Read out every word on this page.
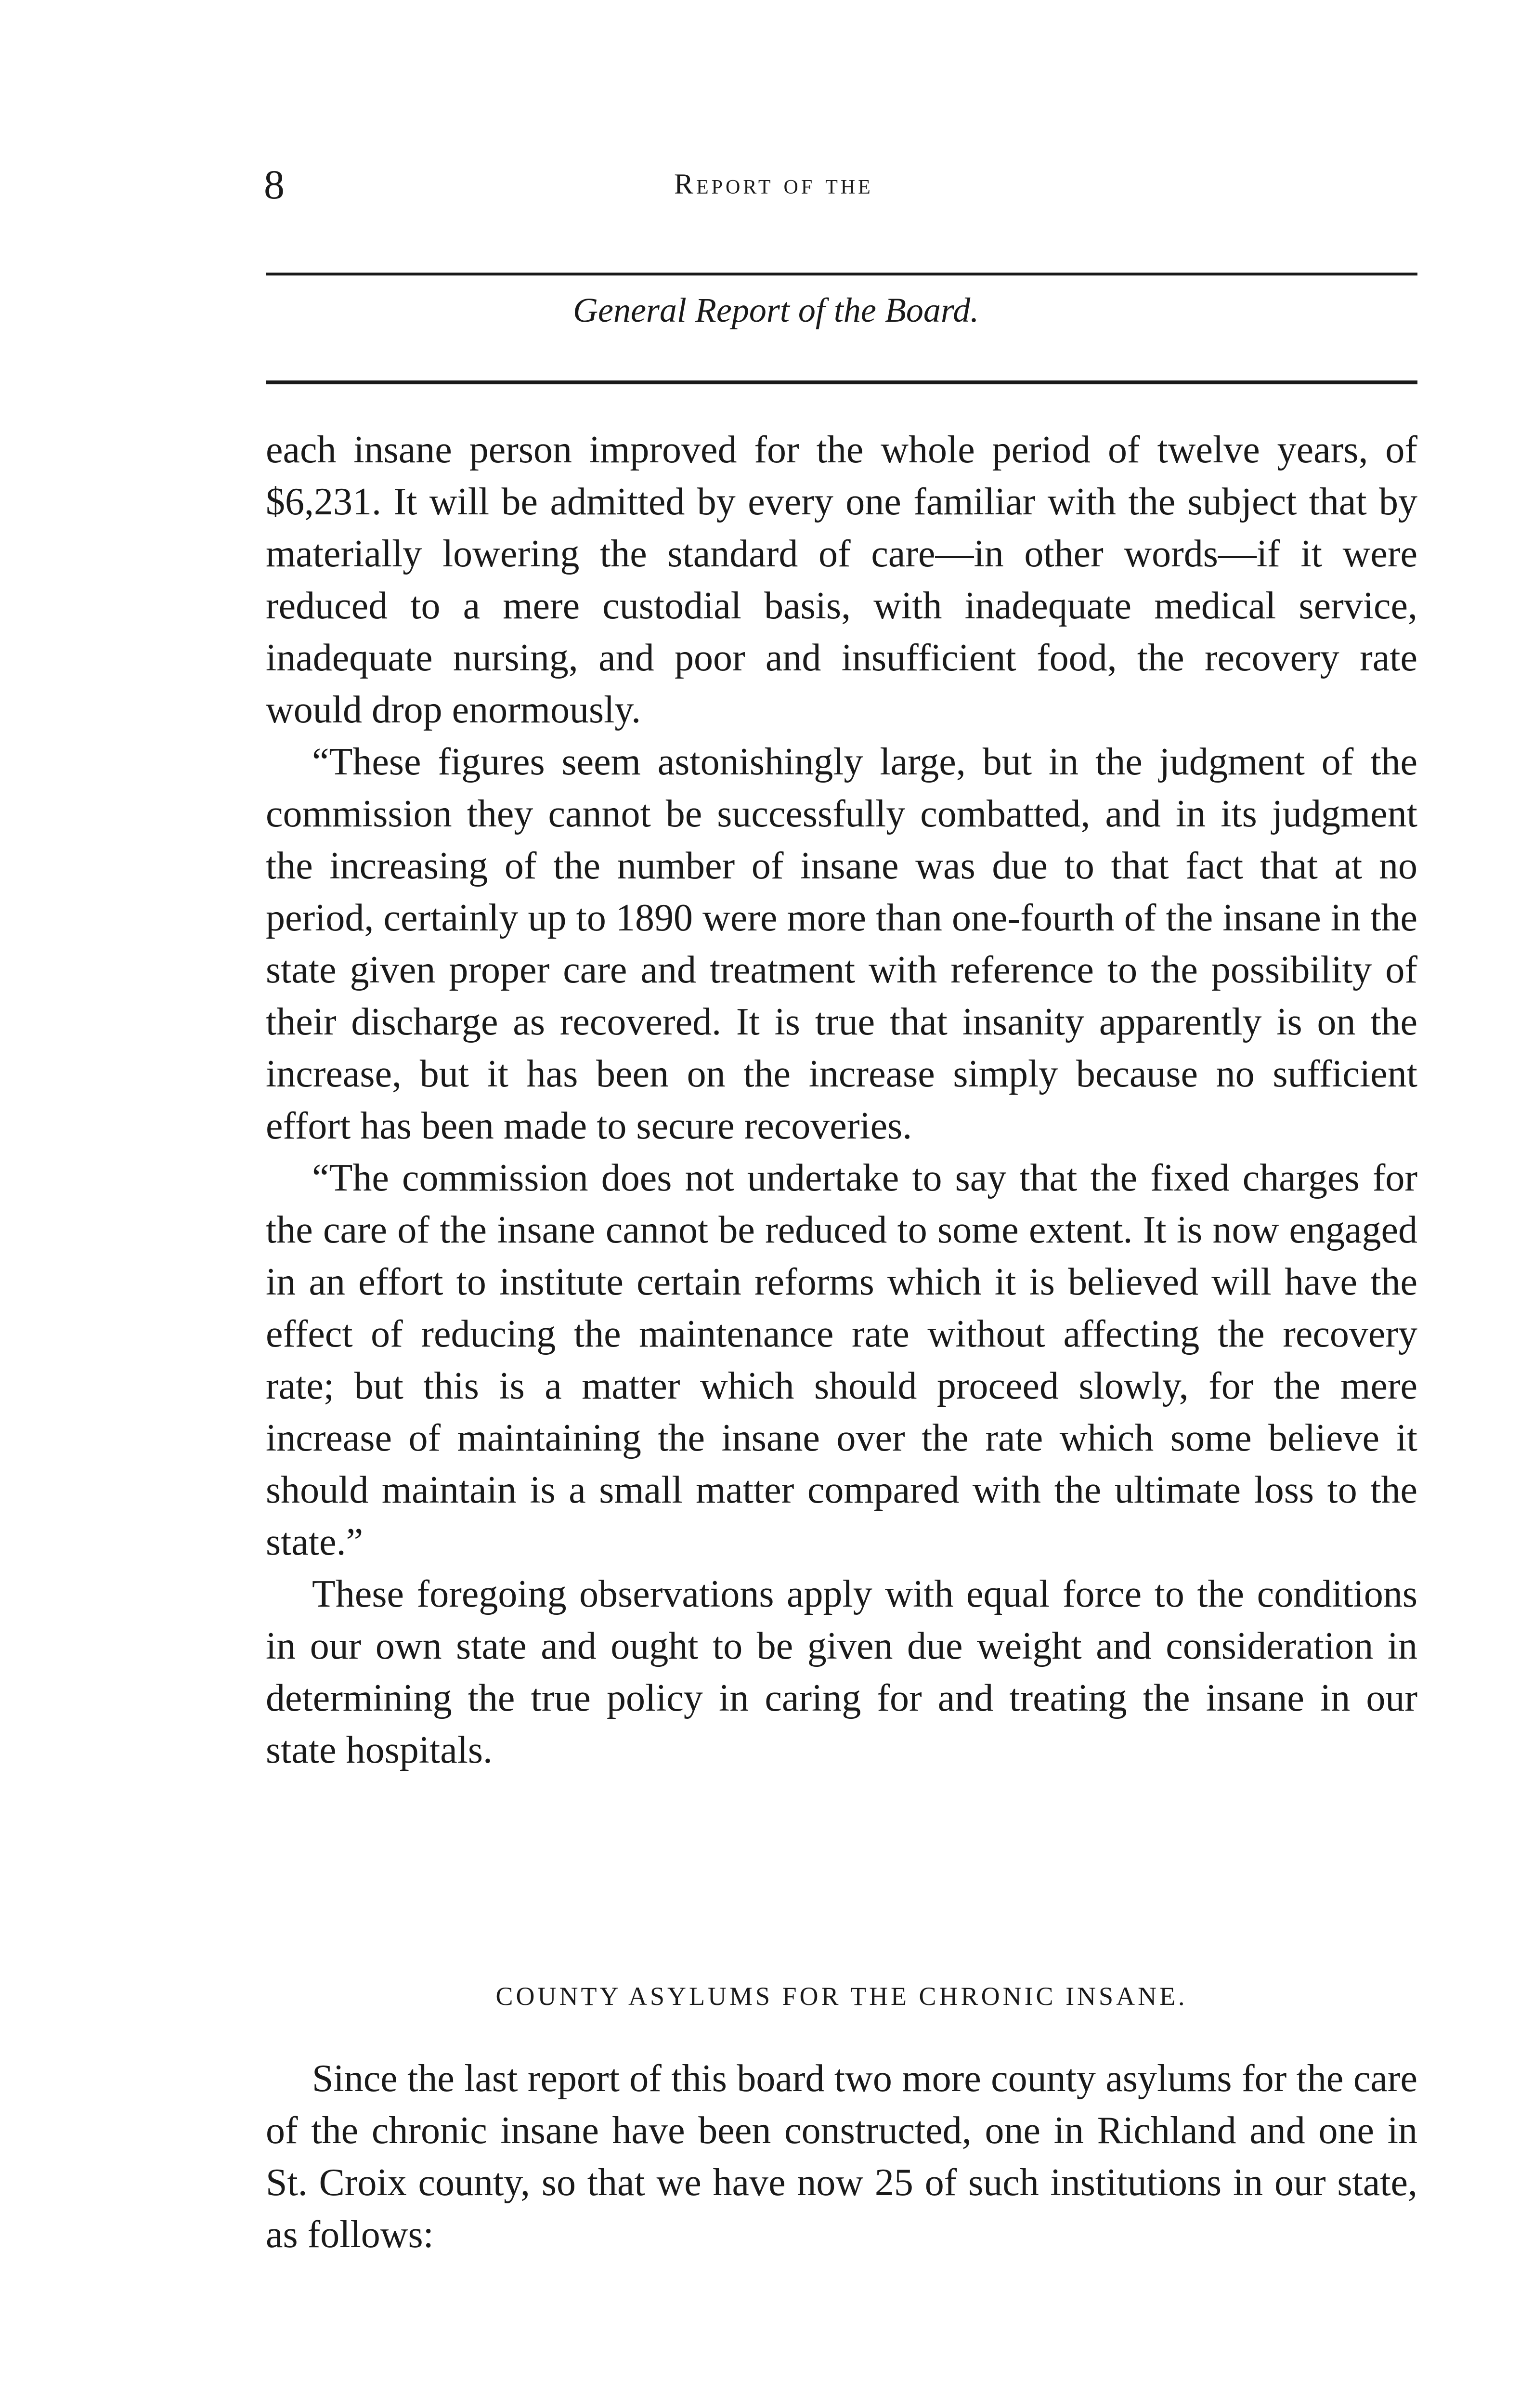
8	Report of the
General Report of the Board.

each insane person improved for the whole period of twelve years, of $6,231. It will be admitted by every one familiar with the subject that by materially lowering the standard of care—in other words—if it were reduced to a mere custodial basis, with inadequate medical service, inadequate nursing, and poor and insufficient food, the recovery rate would drop enormously.

“These figures seem astonishingly large, but in the judgment of the commission they cannot be successfully combatted, and in its judgment the increasing of the number of insane was due to that fact that at no period, certainly up to 1890 were more than one-fourth of the insane in the state given proper care and treatment with reference to the possibility of their discharge as recovered. It is true that insanity apparently is on the increase, but it has been on the increase simply because no sufficient effort has been made to secure recoveries.

“The commission does not undertake to say that the fixed charges for the care of the insane cannot be reduced to some extent. It is now engaged in an effort to institute certain reforms which it is believed will have the effect of reducing the maintenance rate without affecting the recovery rate; but this is a matter which should proceed slowly, for the mere increase of maintaining the insane over the rate which some believe it should maintain is a small matter compared with the ultimate loss to the state.”

These foregoing observations apply with equal force to the conditions in our own state and ought to be given due weight and consideration in determining the true policy in caring for and treating the insane in our state hospitals.

COUNTY ASYLUMS FOR THE CHRONIC INSANE.

Since the last report of this board two more county asylums for the care of the chronic insane have been constructed, one in Richland and one in St. Croix county, so that we have now 25 of such institutions in our state, as follows:
